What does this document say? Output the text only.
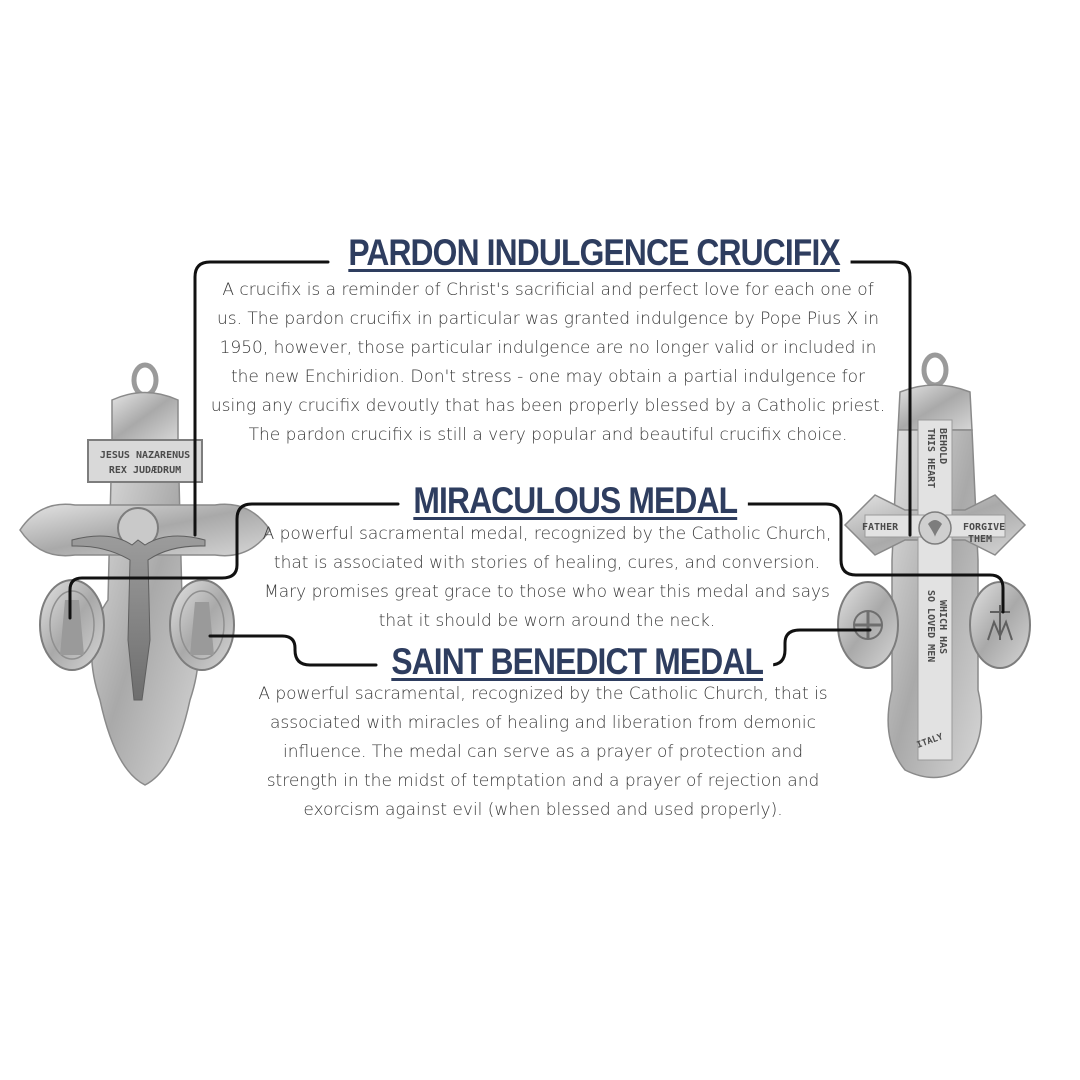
JESUS NAZARENUS
REX JUDÆDRUM
BEHOLD
THIS HEART
FATHER	FORGIVE
THEM
WHICH HAS
SO LOVED MEN
ITALY
PARDON INDULGENCE CRUCIFIX
A crucifix is a reminder of Christ's sacrificial and perfect love for each one of us. The pardon crucifix in particular was granted indulgence by Pope Pius X in 1950, however, those particular indulgence are no longer valid or included in the new Enchiridion. Don't stress - one may obtain a partial indulgence for using any crucifix devoutly that has been properly blessed by a Catholic priest. The pardon crucifix is still a very popular and beautiful crucifix choice.
MIRACULOUS MEDAL
A powerful sacramental medal, recognized by the Catholic Church, that is associated with stories of healing, cures, and conversion. Mary promises great grace to those who wear this medal and says that it should be worn around the neck.
SAINT BENEDICT MEDAL
A powerful sacramental, recognized by the Catholic Church, that is associated with miracles of healing and liberation from demonic influence. The medal can serve as a prayer of protection and strength in the midst of temptation and a prayer of rejection and exorcism against evil (when blessed and used properly).
